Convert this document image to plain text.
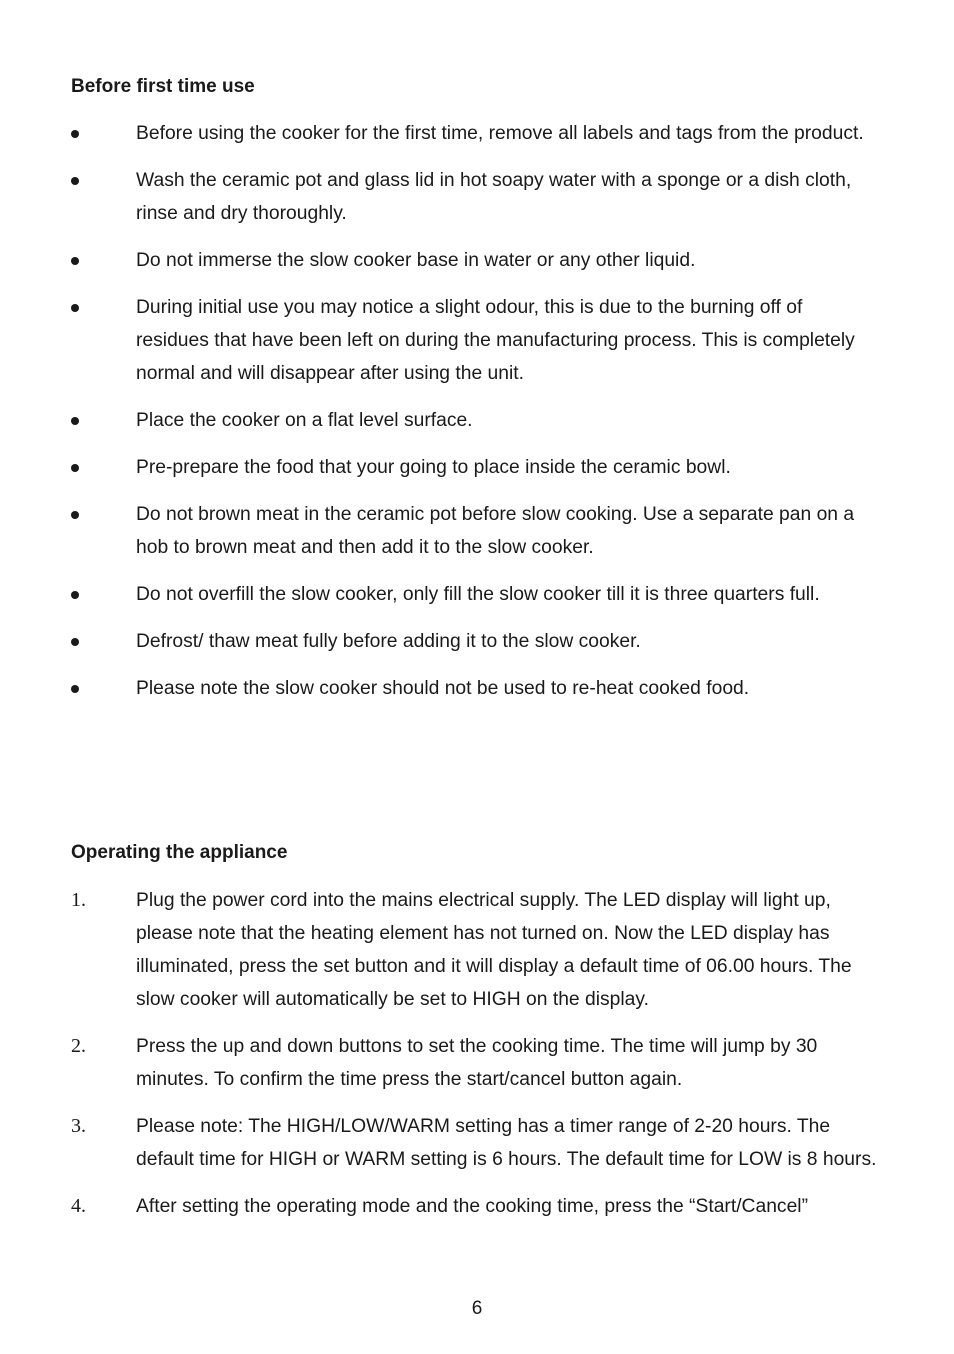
Before first time use
Before using the cooker for the first time, remove all labels and tags from the product.
Wash the ceramic pot and glass lid in hot soapy water with a sponge or a dish cloth, rinse and dry thoroughly.
Do not immerse the slow cooker base in water or any other liquid.
During initial use you may notice a slight odour, this is due to the burning off of residues that have been left on during the manufacturing process. This is completely normal and will disappear after using the unit.
Place the cooker on a flat level surface.
Pre-prepare the food that your going to place inside the ceramic bowl.
Do not brown meat in the ceramic pot before slow cooking. Use a separate pan on a hob to brown meat and then add it to the slow cooker.
Do not overfill the slow cooker, only fill the slow cooker till it is three quarters full.
Defrost/ thaw meat fully before adding it to the slow cooker.
Please note the slow cooker should not be used to re-heat cooked food.
Operating the appliance
1.	Plug the power cord into the mains electrical supply. The LED display will light up, please note that the heating element has not turned on. Now the LED display has illuminated, press the set button and it will display a default time of 06.00 hours. The slow cooker will automatically be set to HIGH on the display.
2.	Press the up and down buttons to set the cooking time. The time will jump by 30 minutes. To confirm the time press the start/cancel button again.
3.	Please note: The HIGH/LOW/WARM setting has a timer range of 2-20 hours. The default time for HIGH or WARM setting is 6 hours. The default time for LOW is 8 hours.
4.	After setting the operating mode and the cooking time, press the “Start/Cancel”

6
